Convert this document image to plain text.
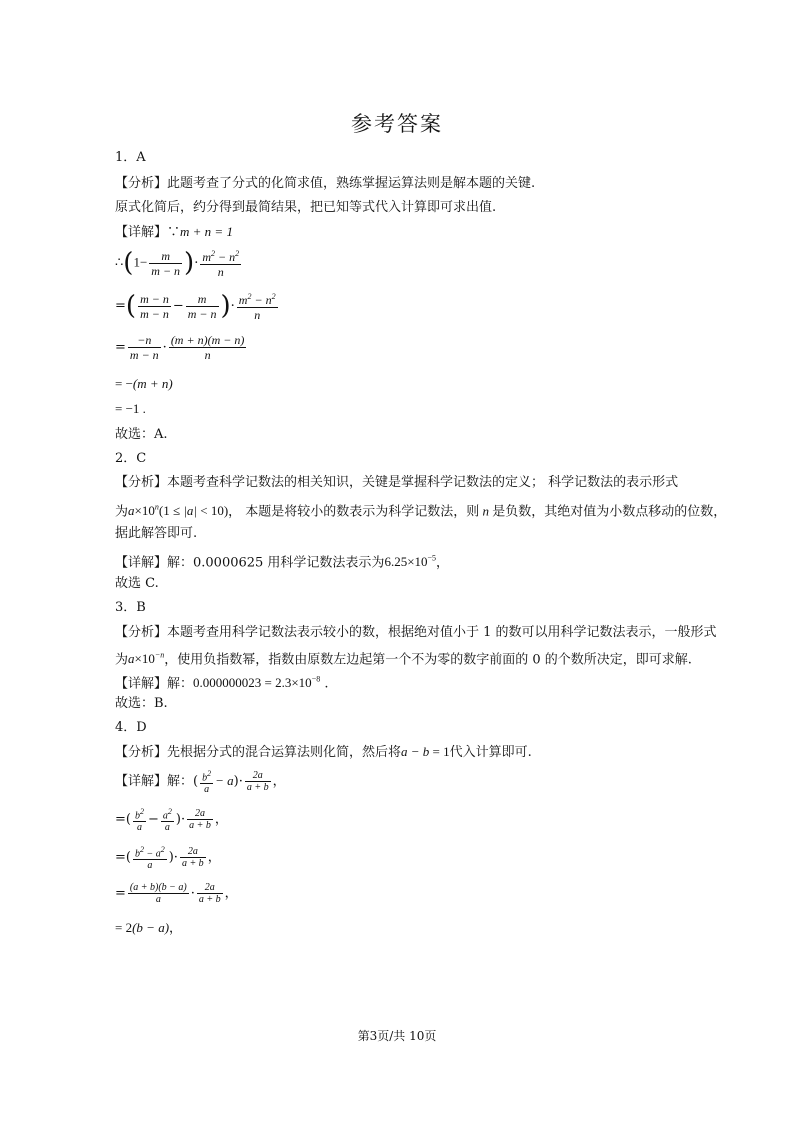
参考答案
1．A
【分析】此题考查了分式的化简求值，熟练掌握运算法则是解本题的关键.
原式化简后，约分得到最简结果，把已知等式代入计算即可求出值.
【详解】∵m + n = 1
∴(1− $\frac{m}{m - n}$ )· $\frac{m^2 - n^2}{n}$
=( $\frac{m - n}{m - n} - \frac{m}{m - n}$ )· $\frac{m^2 - n^2}{n}$
= $\frac{-n}{m - n} \cdot \frac{(m + n)(m - n)}{n}$
= −(m + n)
= −1 .
故选：A.
2．C
【分析】本题考查科学记数法的相关知识，关键是掌握科学记数法的定义； 科学记数法的表示形式
为$a\times 10^n(1 \le |a| < 10)$， 本题是将较小的数表示为科学记数法，则 n 是负数，其绝对值为小数点移动的位数，
据此解答即可.
【详解】解：0.0000625 用科学记数法表示为$6.25\times 10^{-5}$，
故选 C.
3．B
【分析】本题考查用科学记数法表示较小的数，根据绝对值小于 1 的数可以用科学记数法表示，一般形式
为$a\times 10^{-n}$，使用负指数幂，指数由原数左边起第一个不为零的数字前面的 0 的个数所决定，即可求解.
【详解】解：$0.000000023 = 2.3\times 10^{-8}$ .
故选：B.
4．D
【分析】先根据分式的混合运算法则化简，然后将a − b = 1代入计算即可.
【详解】解：( $\frac{b^2}{a} - a)\cdot \frac{2a}{a + b}$ ，
=( $\frac{b^2}{a} - \frac{a^2}{a}$ )· $\frac{2a}{a + b}$ ，
=( $\frac{b^2 - a^2}{a}$ )· $\frac{2a}{a + b}$ ，
= $\frac{(a + b)(b - a)}{a} \cdot \frac{2a}{a + b}$ ，
= 2(b − a)，
第3页/共 10页
